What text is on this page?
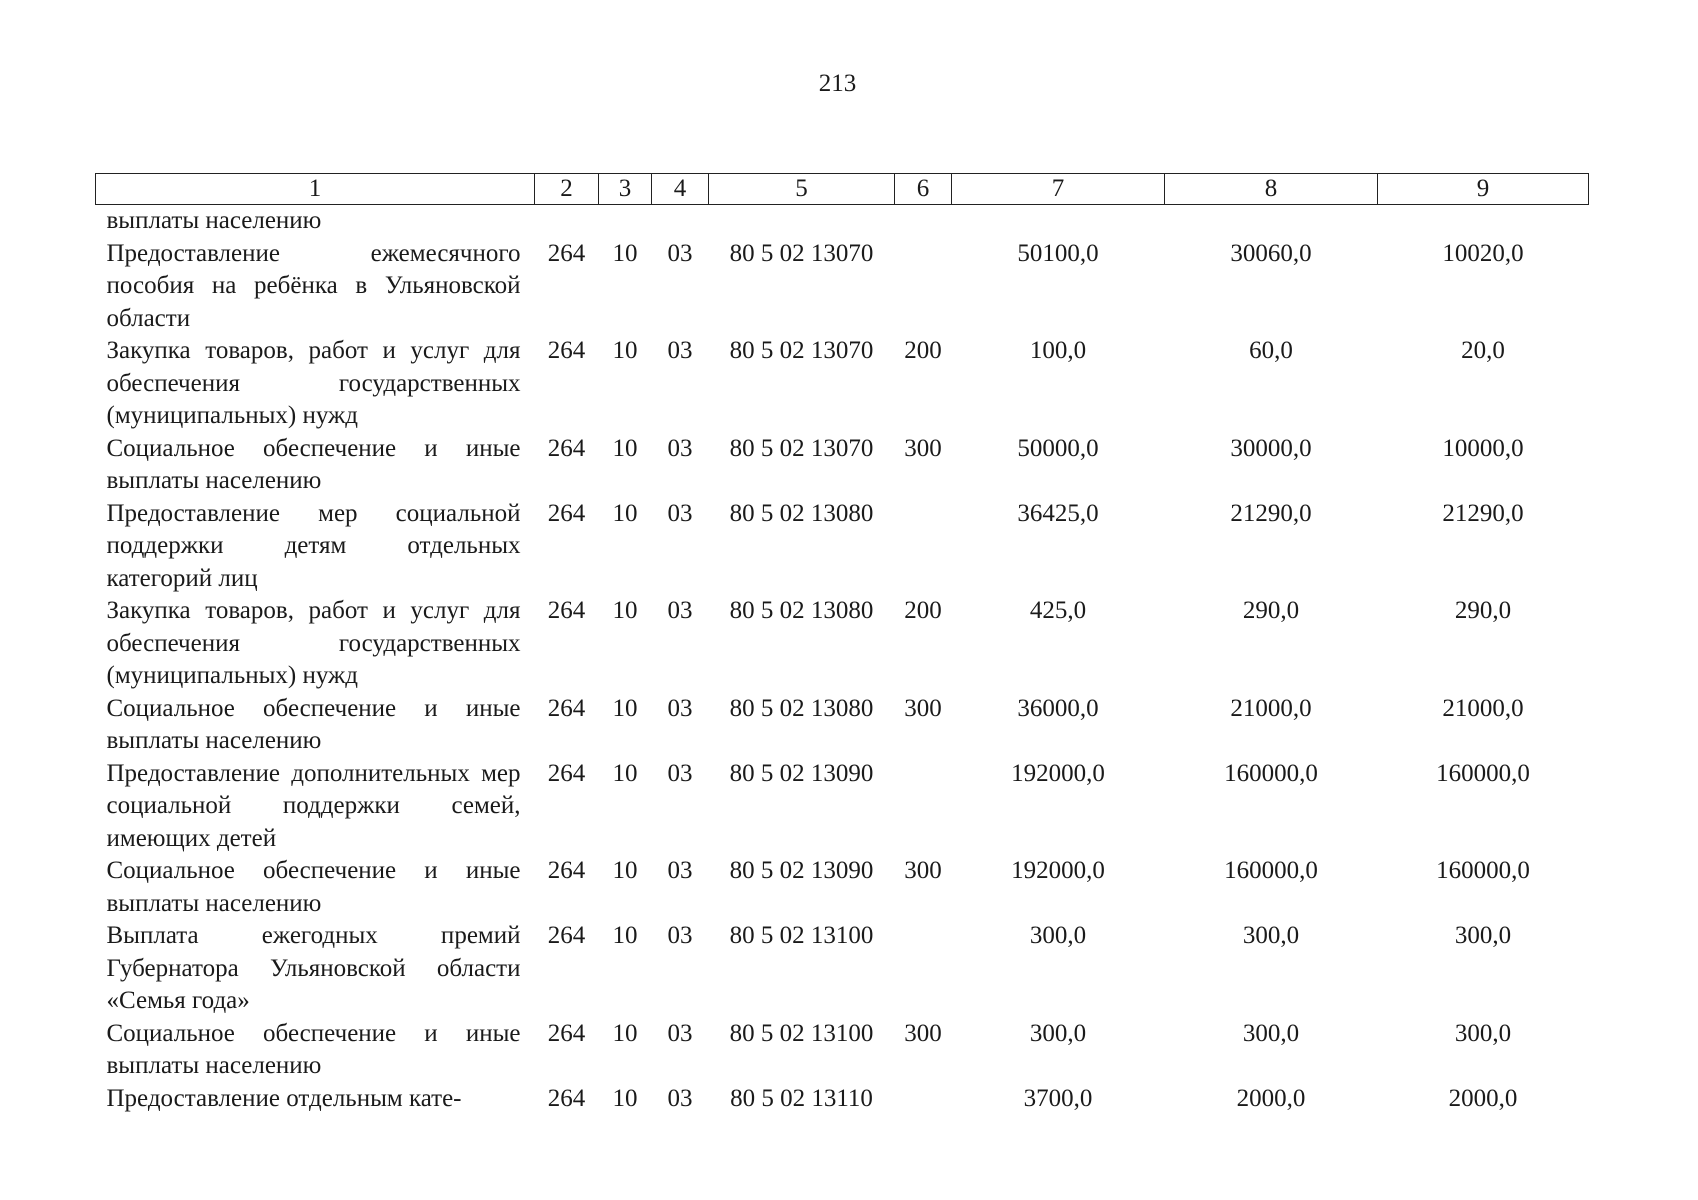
213
1	2	3	4	5	6	7	8	9
выплаты населению								
Предоставление ежемесячного пособия на ребёнка в Ульяновской области	264	10	03	80 5 02 13070		50100,0	30060,0	10020,0
Закупка товаров, работ и услуг для обеспечения государственных (муниципальных) нужд	264	10	03	80 5 02 13070	200	100,0	60,0	20,0
Социальное обеспечение и иные выплаты населению	264	10	03	80 5 02 13070	300	50000,0	30000,0	10000,0
Предоставление мер социальной поддержки детям отдельных категорий лиц	264	10	03	80 5 02 13080		36425,0	21290,0	21290,0
Закупка товаров, работ и услуг для обеспечения государственных (муниципальных) нужд	264	10	03	80 5 02 13080	200	425,0	290,0	290,0
Социальное обеспечение и иные выплаты населению	264	10	03	80 5 02 13080	300	36000,0	21000,0	21000,0
Предоставление дополнительных мер социальной поддержки семей, имеющих детей	264	10	03	80 5 02 13090		192000,0	160000,0	160000,0
Социальное обеспечение и иные выплаты населению	264	10	03	80 5 02 13090	300	192000,0	160000,0	160000,0
Выплата ежегодных премий Губернатора Ульяновской области «Семья года»	264	10	03	80 5 02 13100		300,0	300,0	300,0
Социальное обеспечение и иные выплаты населению	264	10	03	80 5 02 13100	300	300,0	300,0	300,0
Предоставление отдельным кате-	264	10	03	80 5 02 13110		3700,0	2000,0	2000,0
